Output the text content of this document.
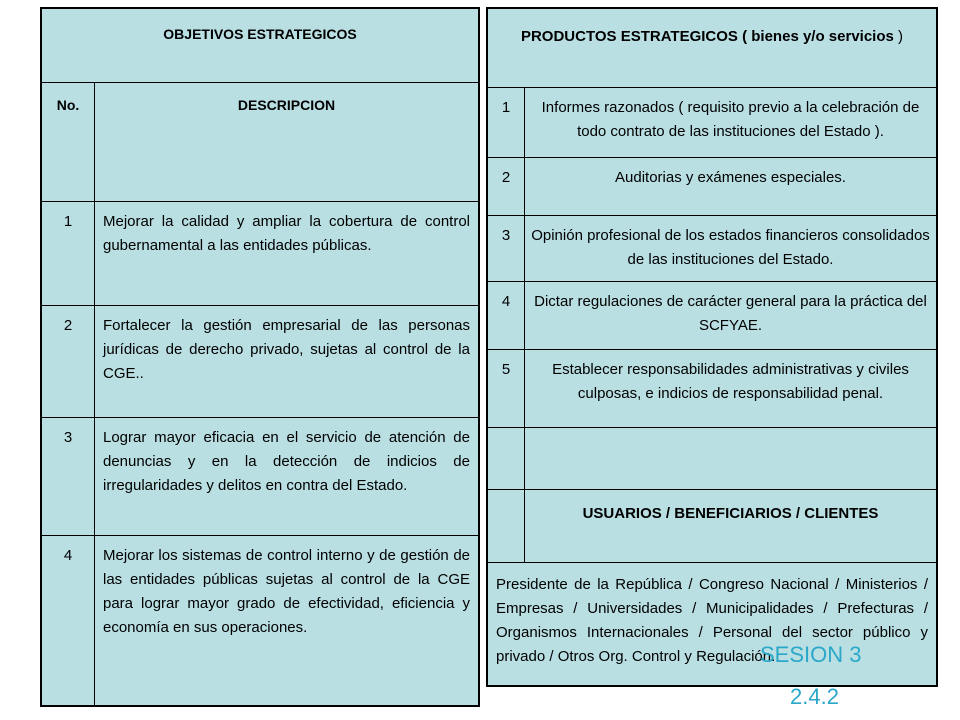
OBJETIVOS ESTRATEGICOS	
No.	DESCRIPCION
1	Mejorar la calidad y ampliar la cobertura de control gubernamental a las entidades públicas.
2	Fortalecer la gestión empresarial de las personas jurídicas de derecho privado, sujetas al control de la CGE..
3	Lograr mayor eficacia en el servicio de atención de denuncias y en la detección de indicios de irregularidades y delitos en contra del Estado.
4	Mejorar los sistemas de control interno y de gestión de las entidades públicas sujetas al control de la CGE para lograr mayor grado de efectividad, eficiencia y economía en sus operaciones.
PRODUCTOS ESTRATEGICOS ( bienes y/o servicios )	
1	Informes razonados ( requisito previo a la celebración de todo contrato de las instituciones del Estado ).
2	Auditorias y exámenes especiales.
3	Opinión profesional de los estados financieros consolidados de las instituciones del Estado.
4	Dictar regulaciones de carácter general para la práctica del SCFYAE.
5	Establecer responsabilidades administrativas y civiles culposas, e indicios de responsabilidad penal.

	USUARIOS / BENEFICIARIOS / CLIENTES
Presidente de la República / Congreso Nacional / Ministerios / Empresas / Universidades / Municipalidades / Prefecturas / Organismos Internacionales / Personal del sector público y privado / Otros Org. Control y Regulación.	
SESION 3
2.4.2
